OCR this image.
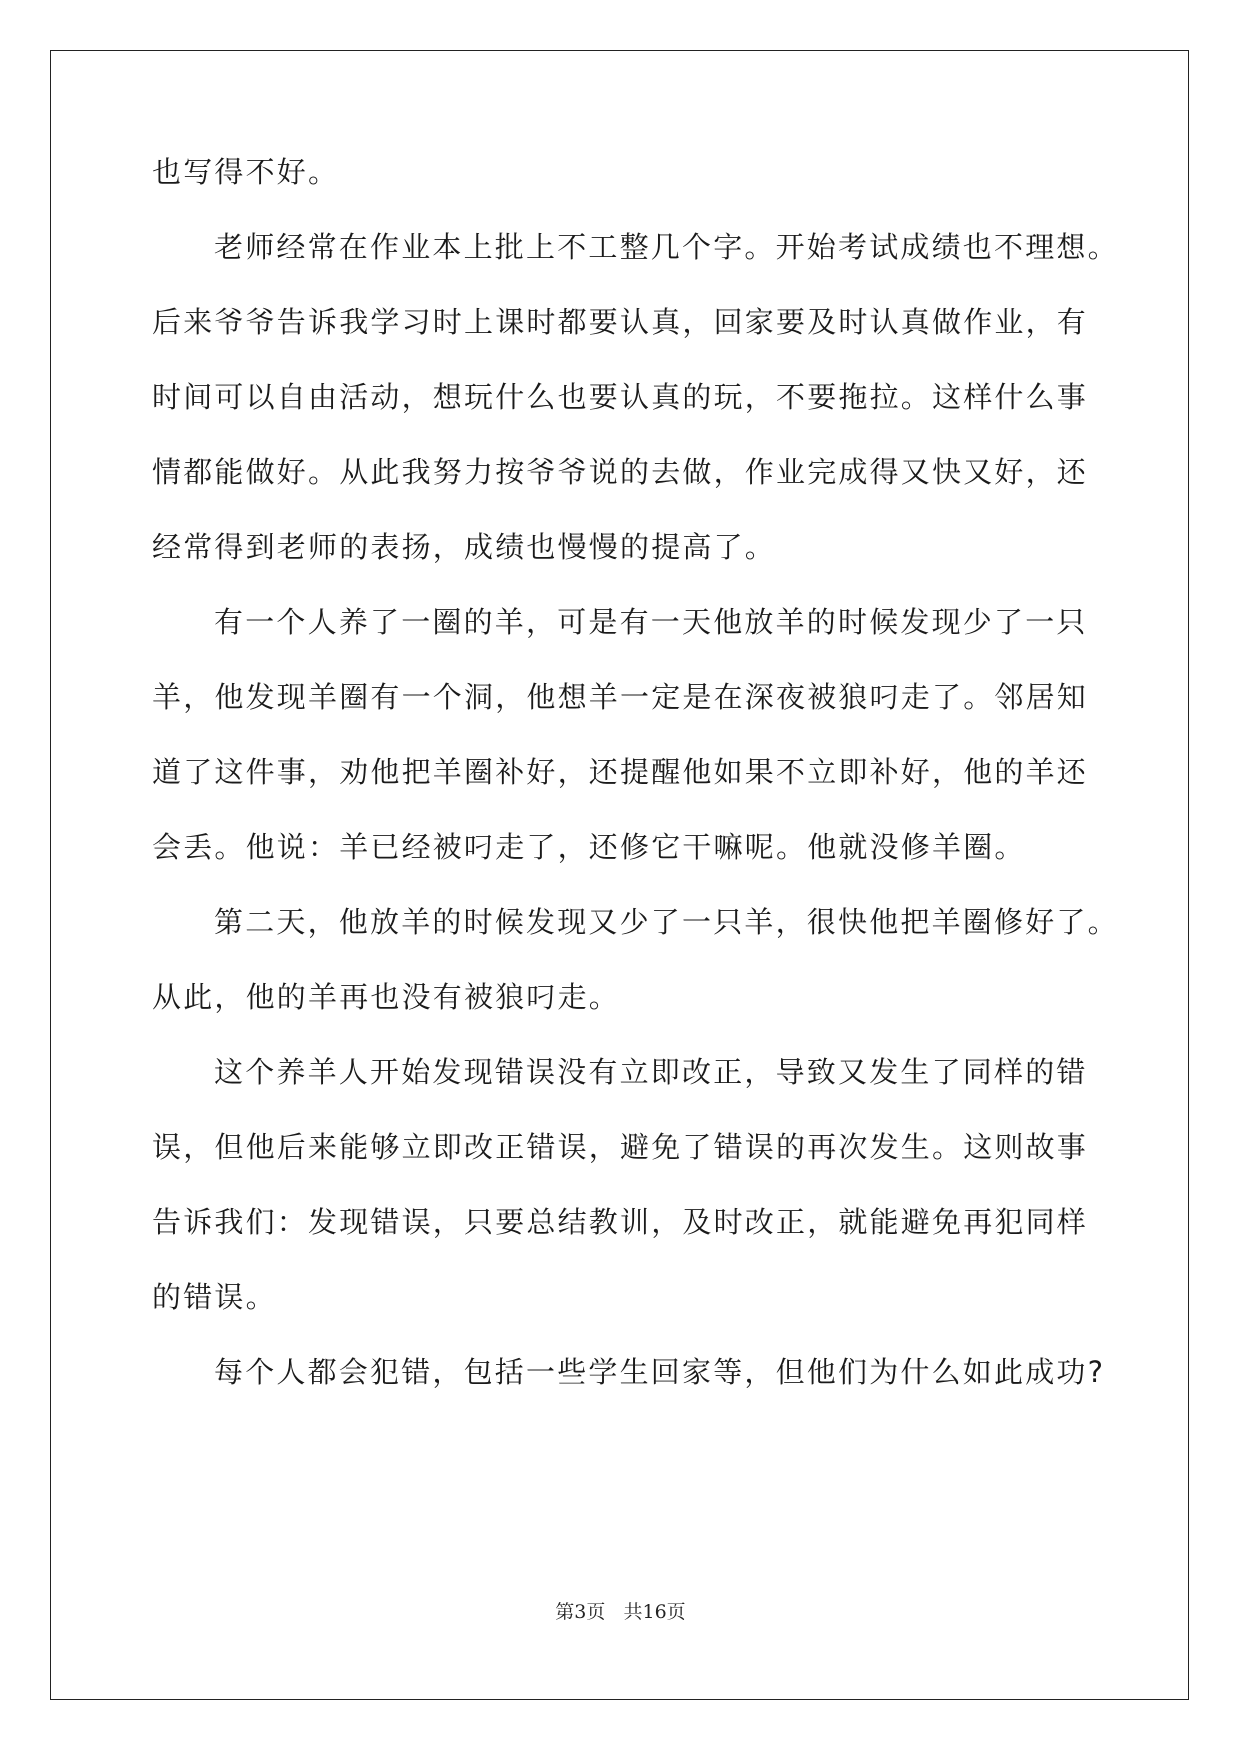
也写得不好。
老师经常在作业本上批上不工整几个字。开始考试成绩也不理想。
后来爷爷告诉我学习时上课时都要认真，回家要及时认真做作业，有
时间可以自由活动，想玩什么也要认真的玩，不要拖拉。这样什么事
情都能做好。从此我努力按爷爷说的去做，作业完成得又快又好，还
经常得到老师的表扬，成绩也慢慢的提高了。
有一个人养了一圈的羊，可是有一天他放羊的时候发现少了一只
羊，他发现羊圈有一个洞，他想羊一定是在深夜被狼叼走了。邻居知
道了这件事，劝他把羊圈补好，还提醒他如果不立即补好，他的羊还
会丢。他说：羊已经被叼走了，还修它干嘛呢。他就没修羊圈。
第二天，他放羊的时候发现又少了一只羊，很快他把羊圈修好了。
从此，他的羊再也没有被狼叼走。
这个养羊人开始发现错误没有立即改正，导致又发生了同样的错
误，但他后来能够立即改正错误，避免了错误的再次发生。这则故事
告诉我们：发现错误，只要总结教训，及时改正，就能避免再犯同样
的错误。
每个人都会犯错，包括一些学生回家等，但他们为什么如此成功?
第3页   共16页
